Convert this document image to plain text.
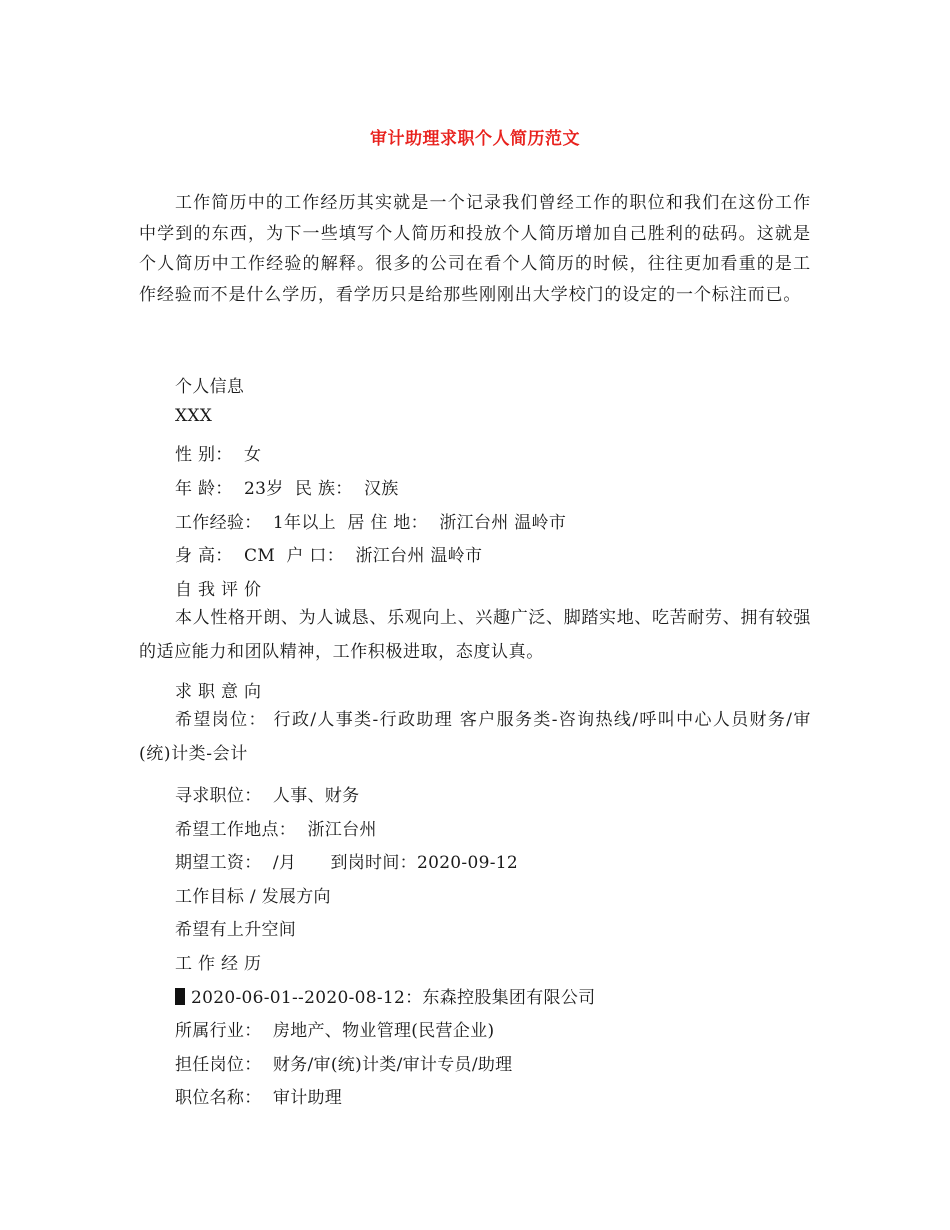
审计助理求职个人简历范文

工作简历中的工作经历其实就是一个记录我们曾经工作的职位和我们在这份工作中学到的东西，为下一些填写个人简历和投放个人简历增加自己胜利的砝码。这就是个人简历中工作经验的解释。很多的公司在看个人简历的时候，往往更加看重的是工作经验而不是什么学历，看学历只是给那些刚刚出大学校门的设定的一个标注而已。

个人信息
XXX
性 别：  女
年 龄：  23岁  民 族：  汉族
工作经验：  1年以上  居 住 地：  浙江台州 温岭市
身 高：  CM  户 口：  浙江台州 温岭市
自 我 评 价

本人性格开朗、为人诚恳、乐观向上、兴趣广泛、脚踏实地、吃苦耐劳、拥有较强的适应能力和团队精神，工作积极进取，态度认真。

求 职 意 向

希望岗位： 行政/人事类-行政助理 客户服务类-咨询热线/呼叫中心人员财务/审(统)计类-会计

寻求职位：  人事、财务
希望工作地点：  浙江台州
期望工资：  /月      到岗时间：2020-09-12
工作目标 / 发展方向
希望有上升空间
工 作 经 历
2020-06-01--2020-08-12：东森控股集团有限公司
所属行业：  房地产、物业管理(民营企业)
担任岗位：  财务/审(统)计类/审计专员/助理
职位名称：  审计助理
